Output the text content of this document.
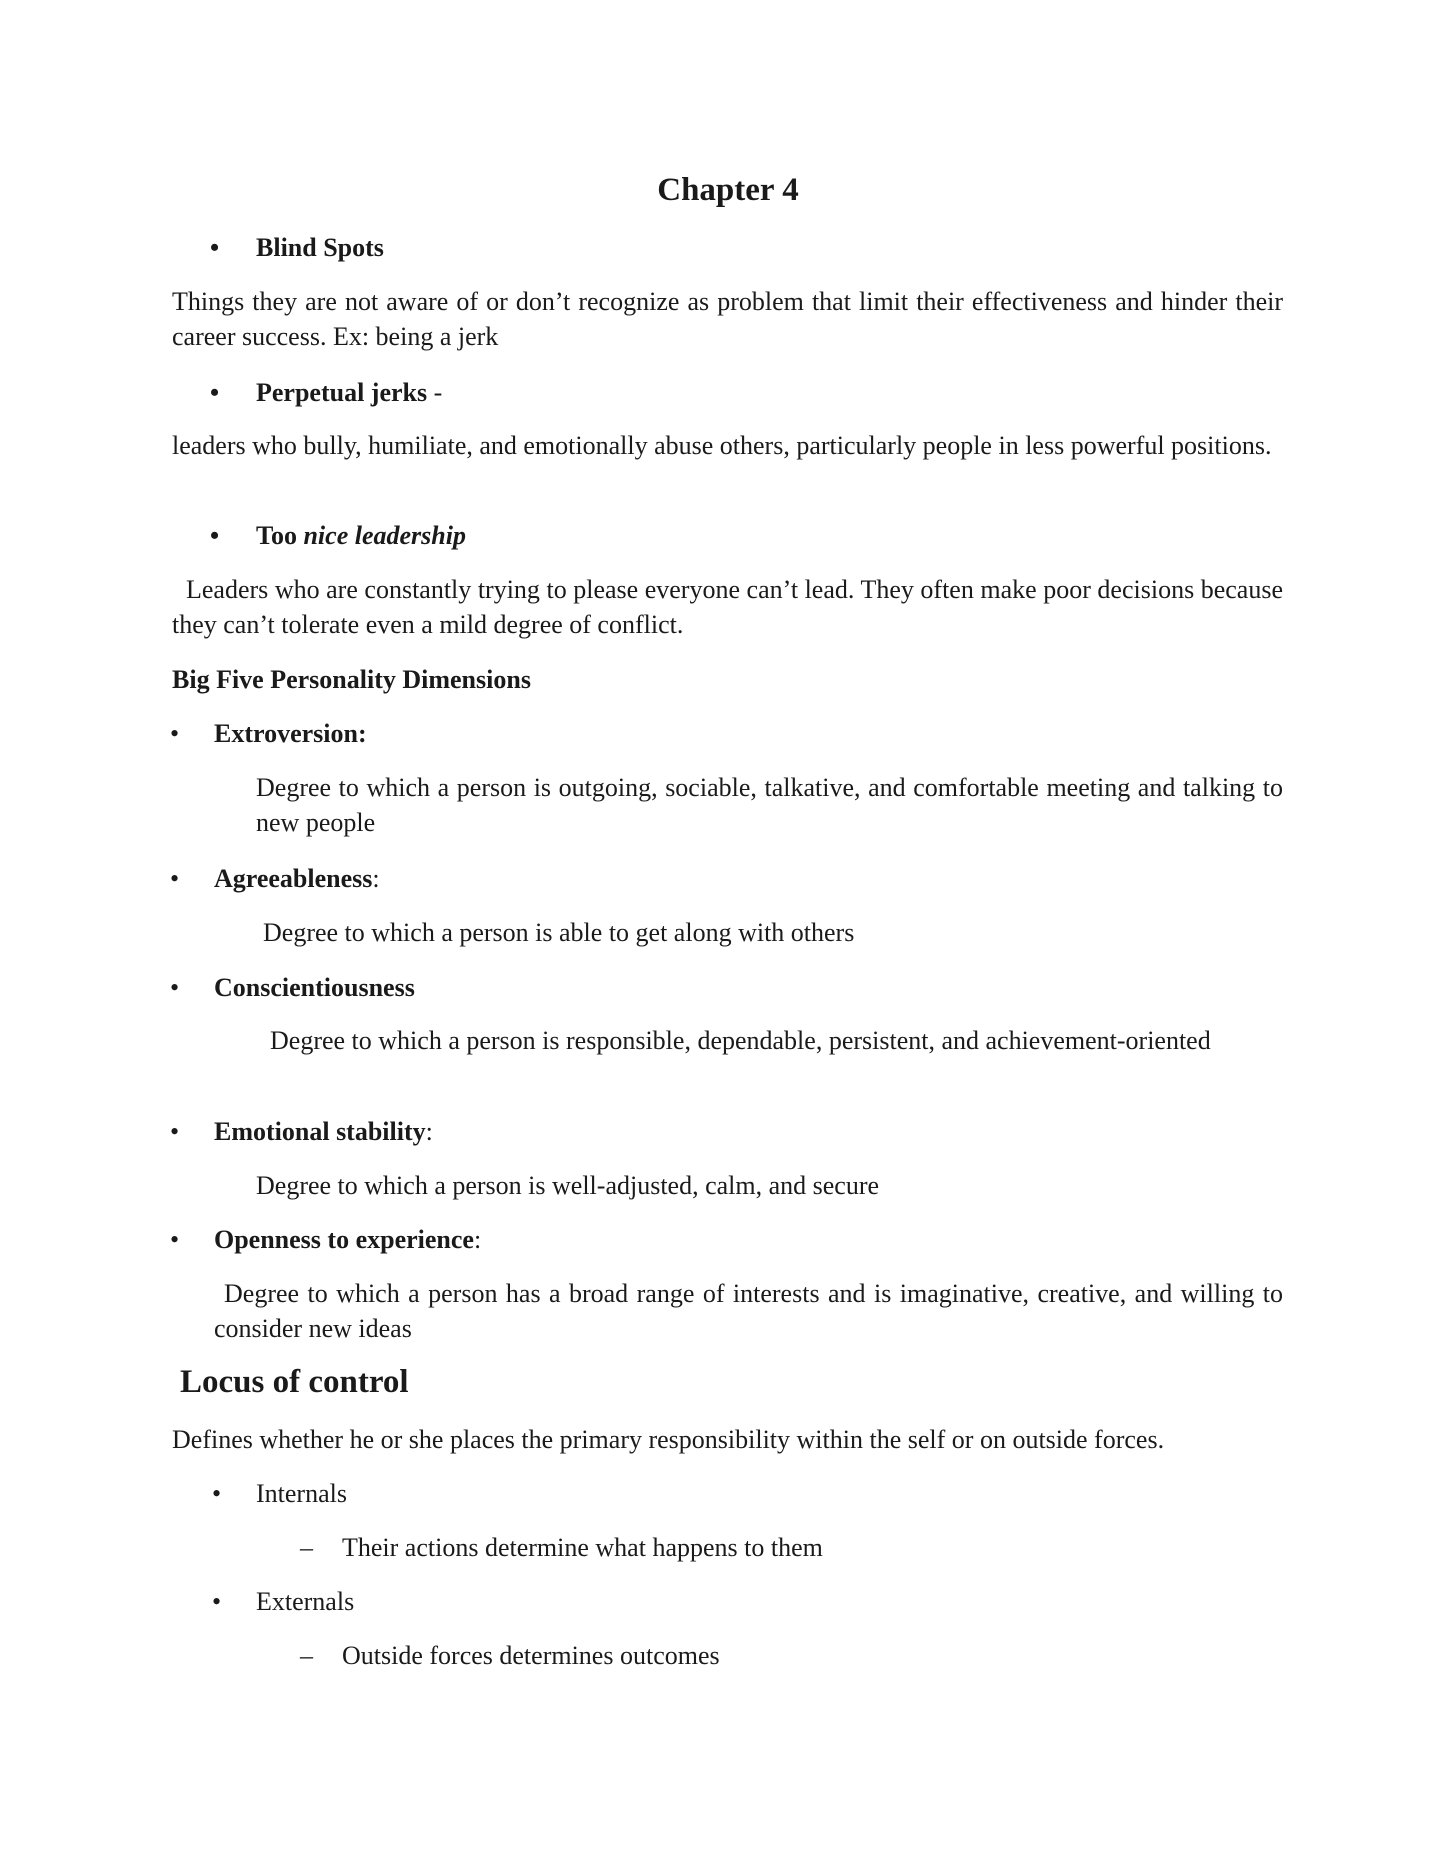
Chapter 4
• Blind Spots

Things they are not aware of or don’t recognize as problem that limit their effectiveness and hinder their career success. Ex: being a jerk

• Perpetual jerks -

leaders who bully, humiliate, and emotionally abuse others, particularly people in less powerful positions.

• Too nice leadership

Leaders who are constantly trying to please everyone can’t lead. They often make poor decisions because they can’t tolerate even a mild degree of conflict.

Big Five Personality Dimensions
• Extroversion:

Degree to which a person is outgoing, sociable, talkative, and comfortable meeting and talking to new people

• Agreeableness:

Degree to which a person is able to get along with others

• Conscientiousness

Degree to which a person is responsible, dependable, persistent, and achievement-oriented

• Emotional stability:

Degree to which a person is well-adjusted, calm, and secure

• Openness to experience:

Degree to which a person has a broad range of interests and is imaginative, creative, and willing to consider new ideas

Locus of control

Defines whether he or she places the primary responsibility within the self or on outside forces.

• Internals
– Their actions determine what happens to them
• Externals
– Outside forces determines outcomes
